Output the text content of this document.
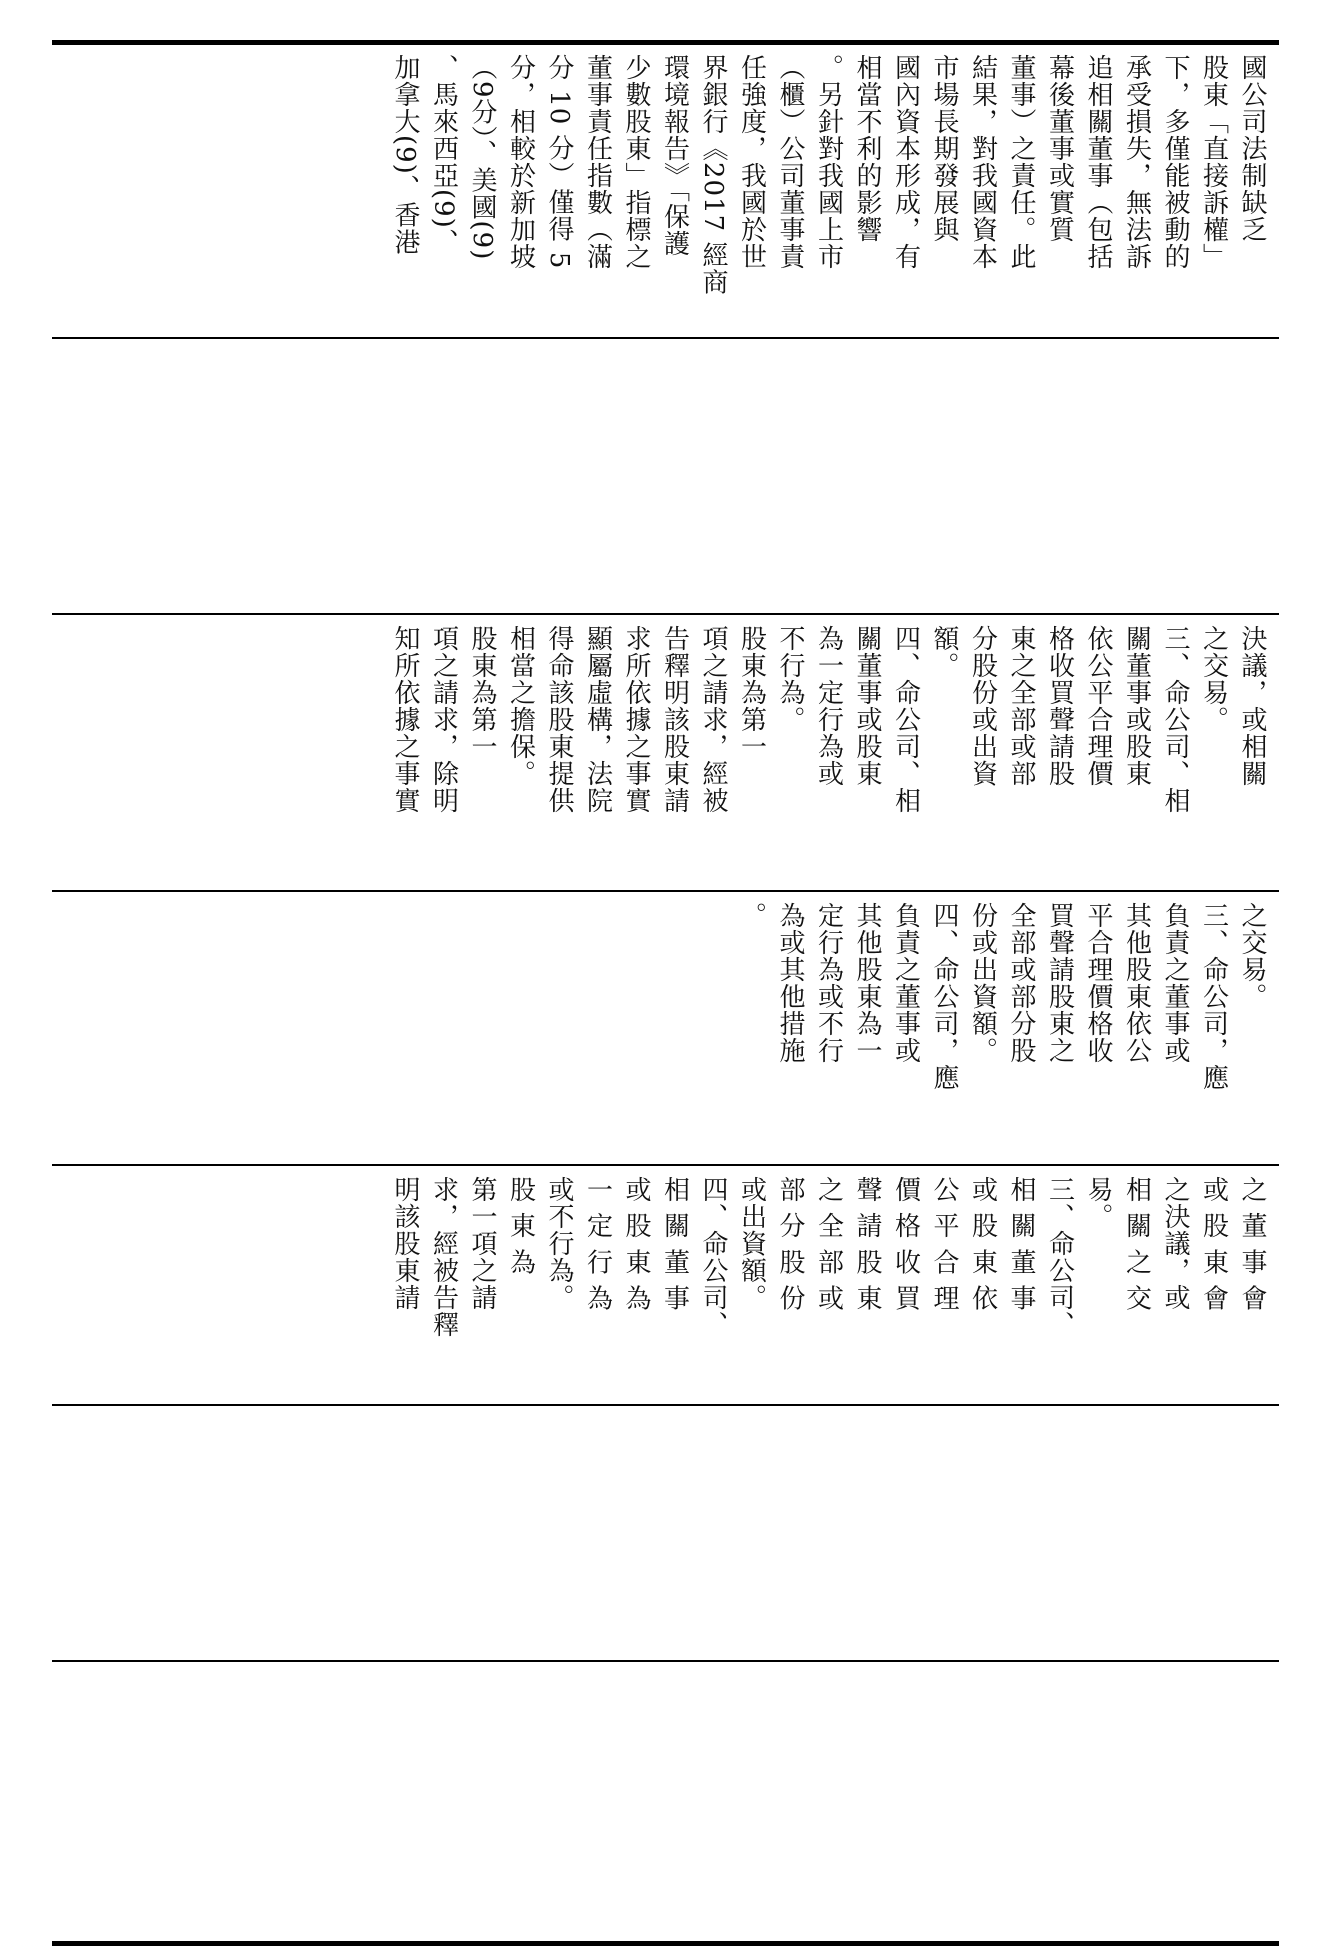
國公司法制缺乏
股東「直接訴權」
下，多僅能被動的
承受損失，無法訴
追相關董事（包括
幕後董事或實質
董事）之責任。此
結果，對我國資本
市場長期發展與
國內資本形成，有
相當不利的影響
。另針對我國上市
（櫃）公司董事責
任強度，我國於世
界銀行《2017 經商
環境報告》「保護
少數股東」指標之
董事責任指數（滿
分 10 分）僅得 5
分，相較於新加坡
（9分）、美國(9)
、馬來西亞(9)、
加拿大(9)、香港
決議，或相關
之交易。
三、命公司、相
關董事或股東
依公平合理價
格收買聲請股
東之全部或部
分股份或出資
額。
四、命公司、相
關董事或股東
為一定行為或
不行為。
股東為第一
項之請求，經被
告釋明該股東請
求所依據之事實
顯屬虛構，法院
得命該股東提供
相當之擔保。
股東為第一
項之請求，除明
知所依據之事實
之交易。
三、命公司，應
負責之董事或
其他股東依公
平合理價格收
買聲請股東之
全部或部分股
份或出資額。
四、命公司，應
負責之董事或
其他股東為一
定行為或不行
為或其他措施
。
之 董 事 會
或 股 東 會
之決議，或
相 關 之 交
易。
三、命公司、
相 關 董 事
或 股 東 依
公 平 合 理
價 格 收 買
聲 請 股 東
之 全 部 或
部 分 股 份
或出資額。
四、命公司、
相 關 董 事
或 股 東 為
一 定 行 為
或不行為。
股 東 為
第一項之請
求，經被告釋
明該股東請
